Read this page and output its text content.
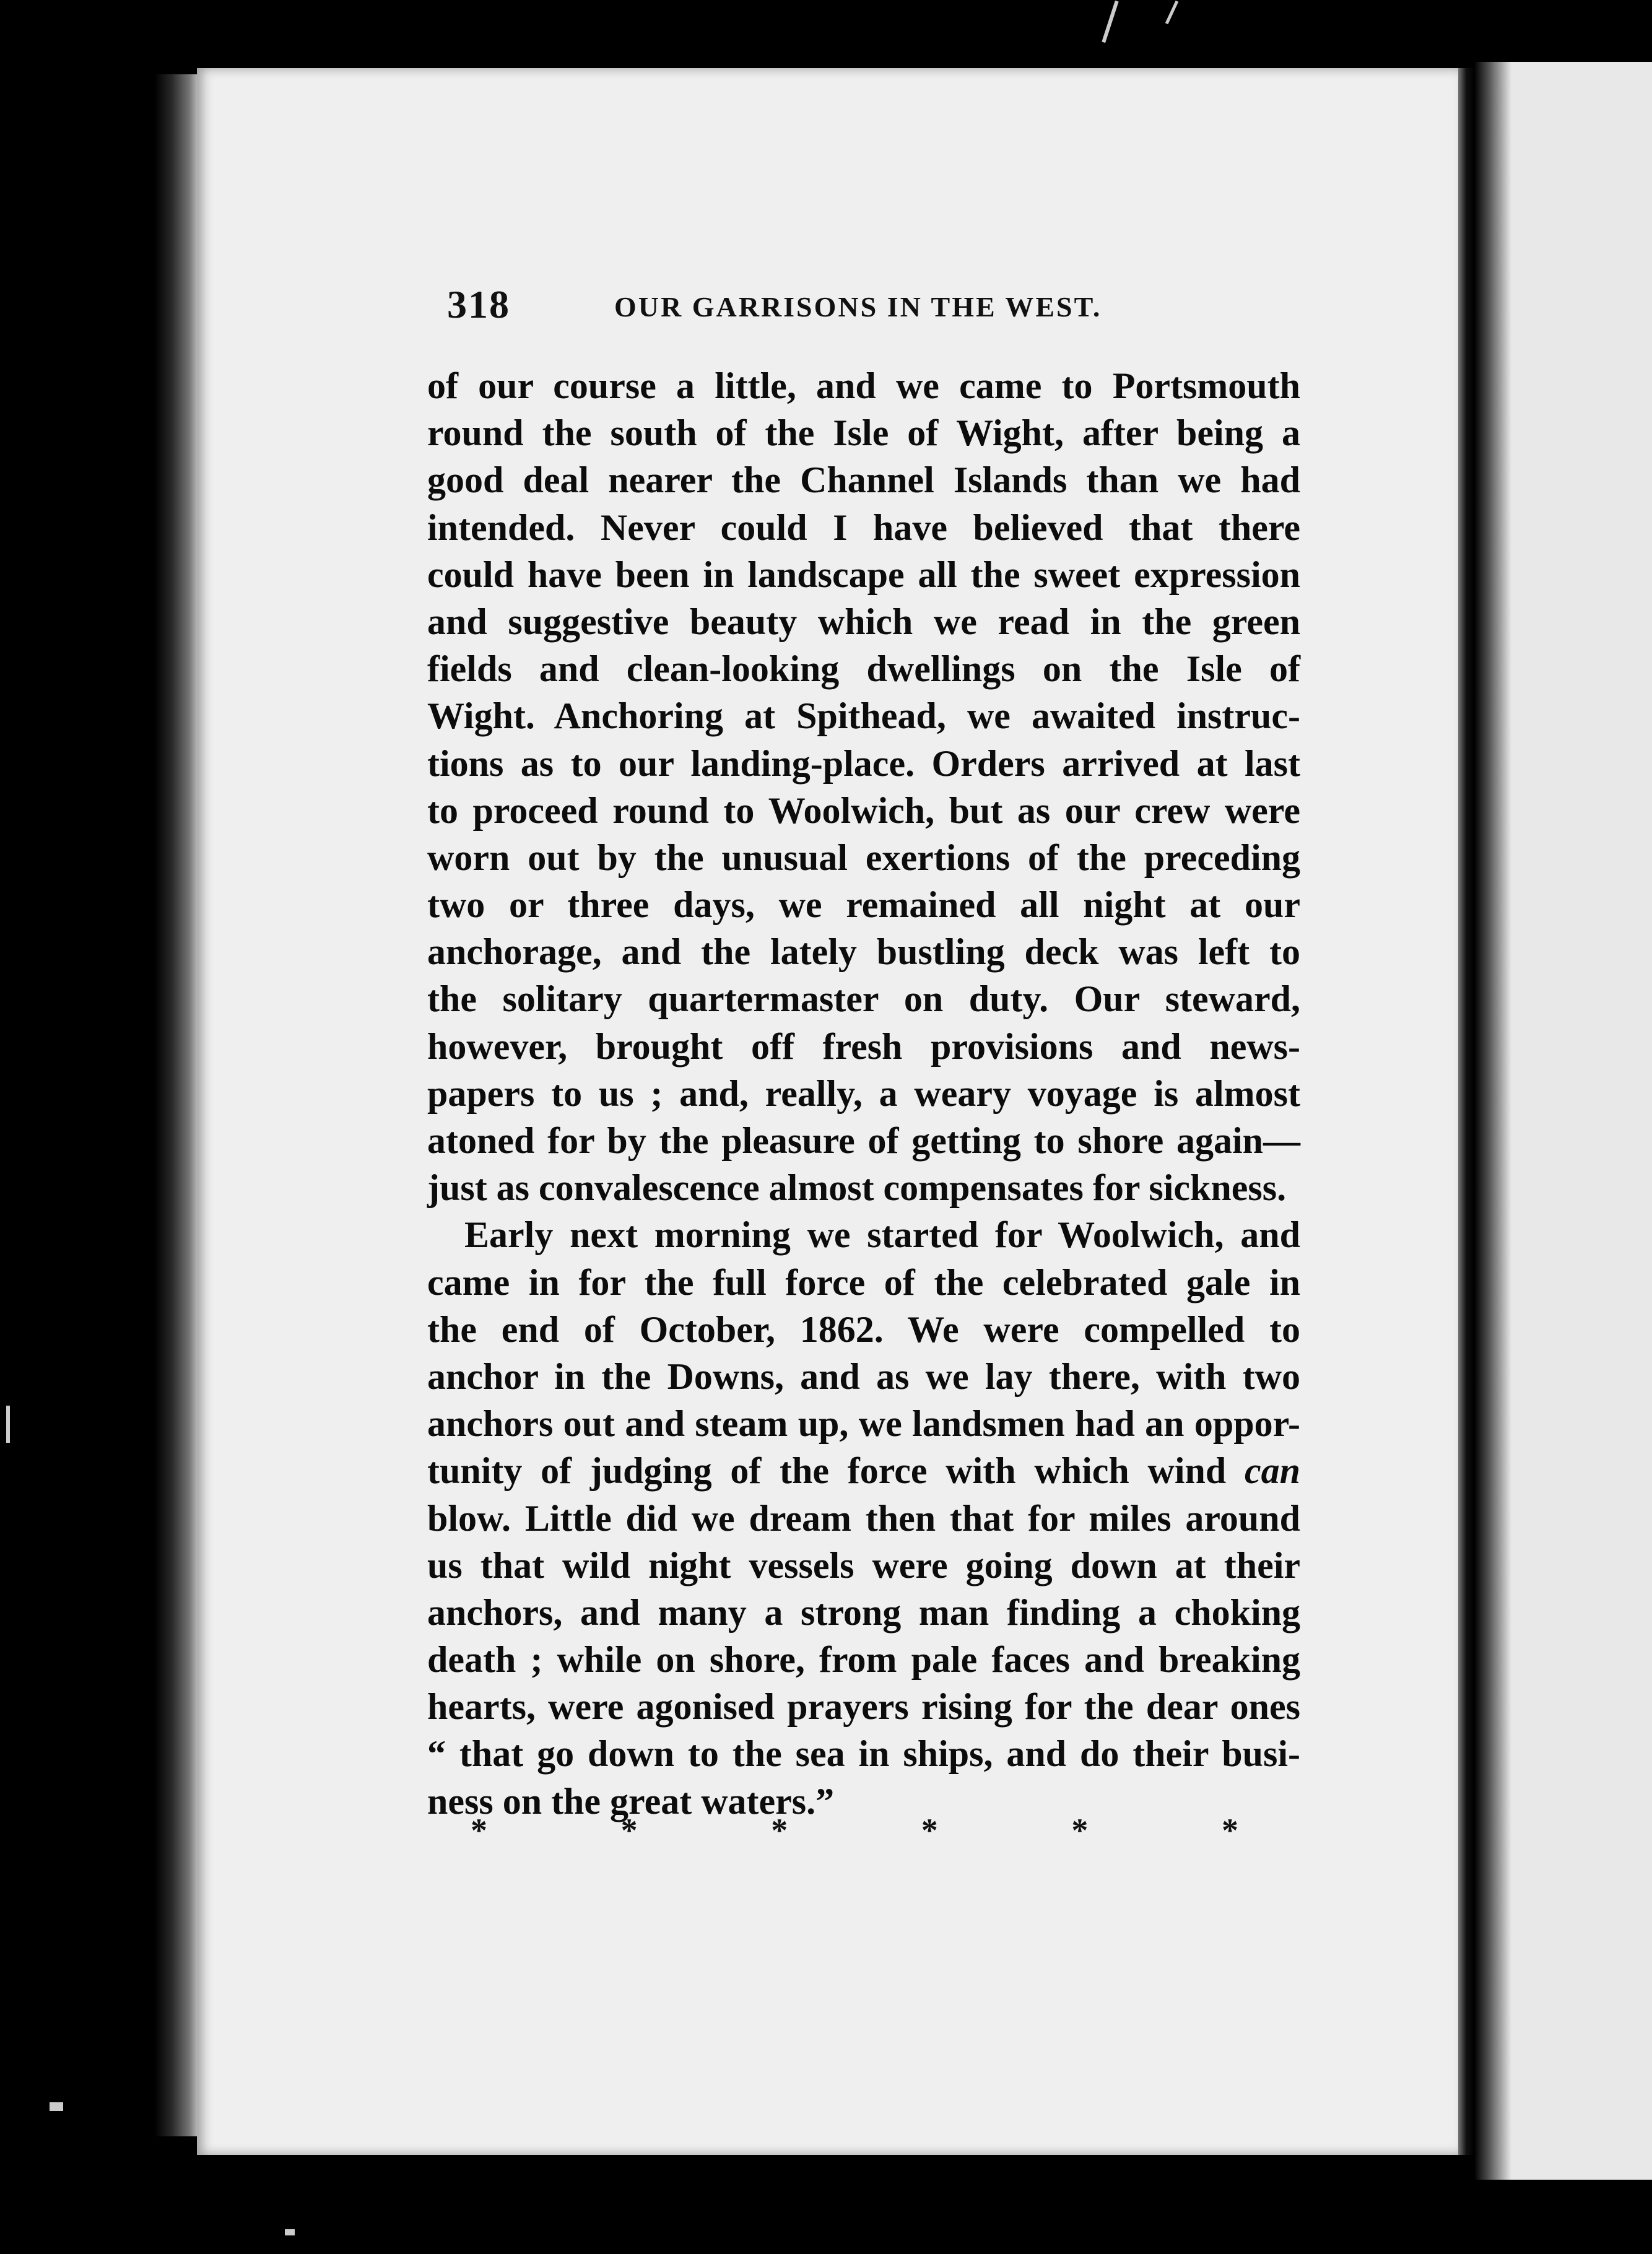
318	OUR GARRISONS IN THE WEST.
of our course a little, and we came to Portsmouth
round the south of the Isle of Wight, after being a
good deal nearer the Channel Islands than we had
intended. Never could I have believed that there
could have been in landscape all the sweet expression
and suggestive beauty which we read in the green
fields and clean-looking dwellings on the Isle of
Wight. Anchoring at Spithead, we awaited instruc-
tions as to our landing-place. Orders arrived at last
to proceed round to Woolwich, but as our crew were
worn out by the unusual exertions of the preceding
two or three days, we remained all night at our
anchorage, and the lately bustling deck was left to
the solitary quartermaster on duty. Our steward,
however, brought off fresh provisions and news-
papers to us ; and, really, a weary voyage is almost
atoned for by the pleasure of getting to shore again—
just as convalescence almost compensates for sickness.
Early next morning we started for Woolwich, and
came in for the full force of the celebrated gale in
the end of October, 1862. We were compelled to
anchor in the Downs, and as we lay there, with two
anchors out and steam up, we landsmen had an oppor-
tunity of judging of the force with which wind can
blow. Little did we dream then that for miles around
us that wild night vessels were going down at their
anchors, and many a strong man finding a choking
death ; while on shore, from pale faces and breaking
hearts, were agonised prayers rising for the dear ones
“ that go down to the sea in ships, and do their busi-
ness on the great waters.”
*	*	*	*	*	*
